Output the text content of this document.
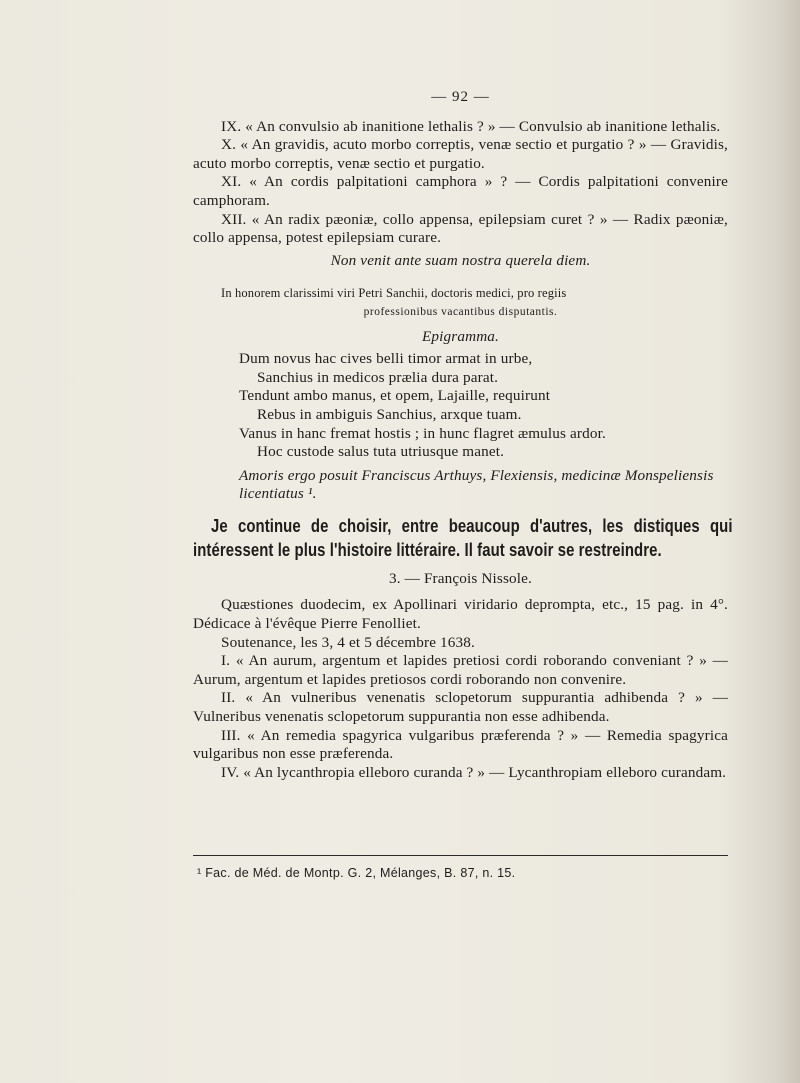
— 92 —

IX. « An convulsio ab inanitione lethalis ? » — Convulsio ab inanitione lethalis.

X. « An gravidis, acuto morbo correptis, venæ sectio et purgatio ? » — Gravidis, acuto morbo correptis, venæ sectio et purgatio.

XI. « An cordis palpitationi camphora » ? — Cordis palpitationi convenire camphoram.

XII. « An radix pæoniæ, collo appensa, epilepsiam curet ? » — Radix pæoniæ, collo appensa, potest epilepsiam curare.

Non venit ante suam nostra querela diem.

In honorem clarissimi viri Petri Sanchii, doctoris medici, pro regiis

professionibus vacantibus disputantis.
Epigramma.

Dum novus hac cives belli timor armat in urbe,

Sanchius in medicos prælia dura parat.

Tendunt ambo manus, et opem, Lajaille, requirunt

Rebus in ambiguis Sanchius, arxque tuam.

Vanus in hanc fremat hostis ; in hunc flagret æmulus ardor.

Hoc custode salus tuta utriusque manet.

Amoris ergo posuit Franciscus Arthuys, Flexiensis, medicinæ Monspeliensis

licentiatus ¹.

Je continue de choisir, entre beaucoup d'autres, les distiques qui intéressent le plus l'histoire littéraire. Il faut savoir se restreindre.

3. — François Nissole.

Quæstiones duodecim, ex Apollinari viridario deprompta, etc., 15 pag. in 4°. Dédicace à l'évêque Pierre Fenolliet.

Soutenance, les 3, 4 et 5 décembre 1638.

I. « An aurum, argentum et lapides pretiosi cordi roborando conveniant ? » — Aurum, argentum et lapides pretiosos cordi roborando non convenire.

II. « An vulneribus venenatis sclopetorum suppurantia adhibenda ? » — Vulneribus venenatis sclopetorum suppurantia non esse adhibenda.

III. « An remedia spagyrica vulgaribus præferenda ? » — Remedia spagyrica vulgaribus non esse præferenda.

IV. « An lycanthropia elleboro curanda ? » — Lycanthropiam elleboro curandam.

¹ Fac. de Méd. de Montp. G. 2, Mélanges, B. 87, n. 15.
